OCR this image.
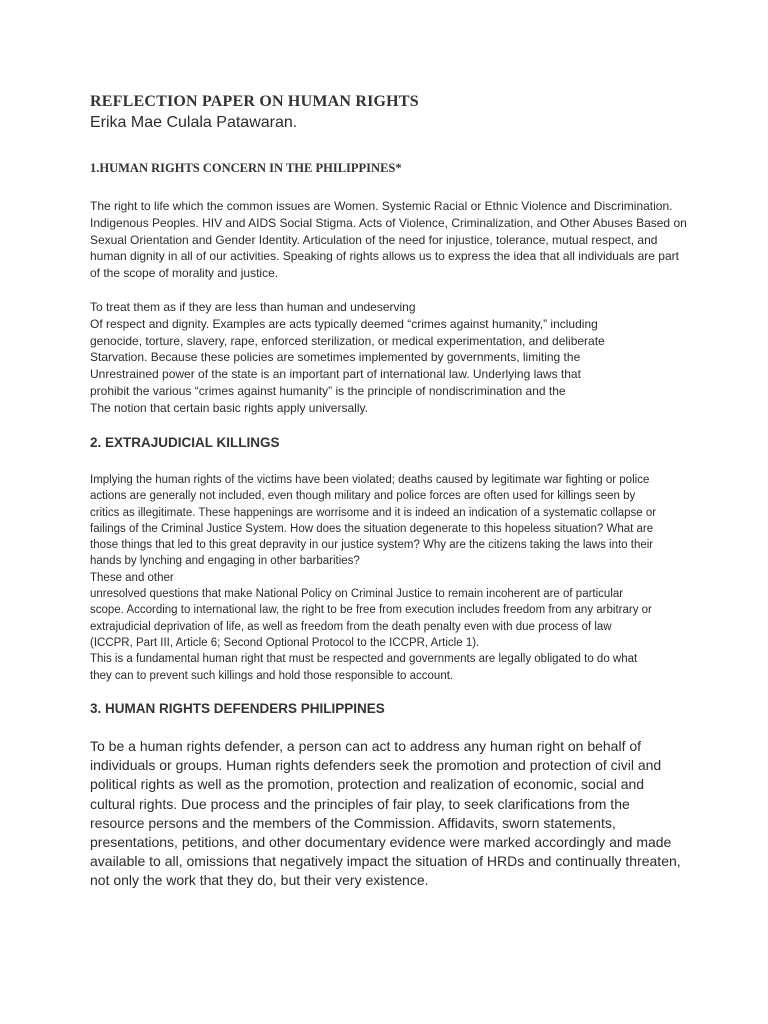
REFLECTION PAPER ON HUMAN RIGHTS

Erika Mae Culala Patawaran.

1.HUMAN RIGHTS CONCERN IN THE PHILIPPINES*

The right to life which the common issues are Women. Systemic Racial or Ethnic Violence and Discrimination.
Indigenous Peoples. HIV and AIDS Social Stigma. Acts of Violence, Criminalization, and Other Abuses Based on
Sexual Orientation and Gender Identity. Articulation of the need for injustice, tolerance, mutual respect, and
human dignity in all of our activities. Speaking of rights allows us to express the idea that all individuals are part
of the scope of morality and justice.

To treat them as if they are less than human and undeserving
Of respect and dignity. Examples are acts typically deemed “crimes against humanity,” including
genocide, torture, slavery, rape, enforced sterilization, or medical experimentation, and deliberate
Starvation. Because these policies are sometimes implemented by governments, limiting the
Unrestrained power of the state is an important part of international law. Underlying laws that
prohibit the various “crimes against humanity” is the principle of nondiscrimination and the
The notion that certain basic rights apply universally.

2. EXTRAJUDICIAL KILLINGS

Implying the human rights of the victims have been violated; deaths caused by legitimate war fighting or police
actions are generally not included, even though military and police forces are often used for killings seen by
critics as illegitimate. These happenings are worrisome and it is indeed an indication of a systematic collapse or
failings of the Criminal Justice System. How does the situation degenerate to this hopeless situation? What are
those things that led to this great depravity in our justice system? Why are the citizens taking the laws into their
hands by lynching and engaging in other barbarities?
These and other
unresolved questions that make National Policy on Criminal Justice to remain incoherent are of particular
scope. According to international law, the right to be free from execution includes freedom from any arbitrary or
extrajudicial deprivation of life, as well as freedom from the death penalty even with due process of law
(ICCPR, Part III, Article 6; Second Optional Protocol to the ICCPR, Article 1).
This is a fundamental human right that must be respected and governments are legally obligated to do what
they can to prevent such killings and hold those responsible to account.

3. HUMAN RIGHTS DEFENDERS PHILIPPINES

To be a human rights defender, a person can act to address any human right on behalf of
individuals or groups. Human rights defenders seek the promotion and protection of civil and
political rights as well as the promotion, protection and realization of economic, social and
cultural rights. Due process and the principles of fair play, to seek clarifications from the
resource persons and the members of the Commission. Affidavits, sworn statements,
presentations, petitions, and other documentary evidence were marked accordingly and made
available to all, omissions that negatively impact the situation of HRDs and continually threaten,
not only the work that they do, but their very existence.
